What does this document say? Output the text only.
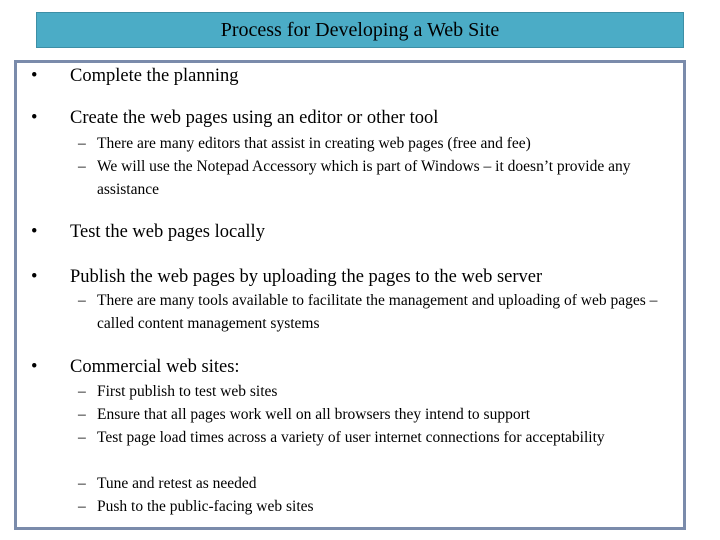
Process for Developing a Web Site
•	Complete the planning
•	Create the web pages using an editor or other tool
– There are many editors that assist in creating web pages (free and fee)
– We will use the Notepad Accessory which is part of Windows – it doesn’t provide any assistance
•	Test the web pages locally
•	Publish the web pages by uploading the pages to the web server
– There are many tools available to facilitate the management and uploading of web pages – called content management systems
•	Commercial web sites:
– First publish to test web sites
– Ensure that all pages work well on all browsers they intend to support
– Test page load times across a variety of user internet connections for acceptability
– Tune and retest as needed
– Push to the public-facing web sites
